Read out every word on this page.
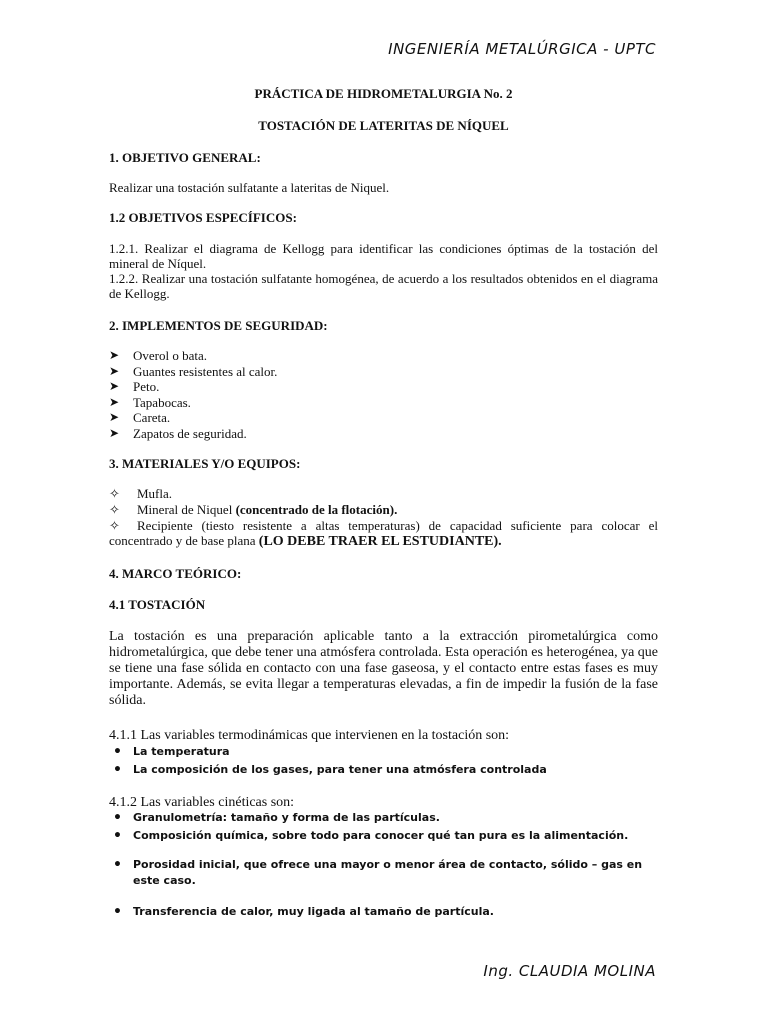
INGENIERÍA METALÚRGICA - UPTC
PRÁCTICA DE HIDROMETALURGIA No. 2
TOSTACIÓN DE LATERITAS DE NÍQUEL
1. OBJETIVO GENERAL:
Realizar una tostación sulfatante a lateritas de Niquel.
1.2 OBJETIVOS ESPECÍFICOS:
1.2.1. Realizar el diagrama de Kellogg para identificar las condiciones óptimas de la tostación del mineral de Níquel.
1.2.2. Realizar una tostación sulfatante homogénea, de acuerdo a los resultados obtenidos en el diagrama de Kellogg.
2. IMPLEMENTOS DE SEGURIDAD:
➤ Overol o bata.
➤ Guantes resistentes al calor.
➤ Peto.
➤ Tapabocas.
➤ Careta.
➤ Zapatos de seguridad.
3. MATERIALES Y/O EQUIPOS:
✧ Mufla.
✧ Mineral de Niquel (concentrado de la flotación).
✧ Recipiente (tiesto resistente a altas temperaturas) de capacidad suficiente para colocar el concentrado y de base plana (LO DEBE TRAER EL ESTUDIANTE).
4. MARCO TEÓRICO:
4.1 TOSTACIÓN
La tostación es una preparación aplicable tanto a la extracción pirometalúrgica como hidrometalúrgica, que debe tener una atmósfera controlada. Esta operación es heterogénea, ya que se tiene una fase sólida en contacto con una fase gaseosa, y el contacto entre estas fases es muy importante. Además, se evita llegar a temperaturas elevadas, a fin de impedir la fusión de la fase sólida.
4.1.1 Las variables termodinámicas que intervienen en la tostación son:
• La temperatura
• La composición de los gases, para tener una atmósfera controlada
4.1.2 Las variables cinéticas son:
• Granulometría: tamaño y forma de las partículas.
• Composición química, sobre todo para conocer qué tan pura es la alimentación.
• Porosidad inicial, que ofrece una mayor o menor área de contacto, sólido – gas en este caso.
• Transferencia de calor, muy ligada al tamaño de partícula.
Ing. CLAUDIA MOLINA
